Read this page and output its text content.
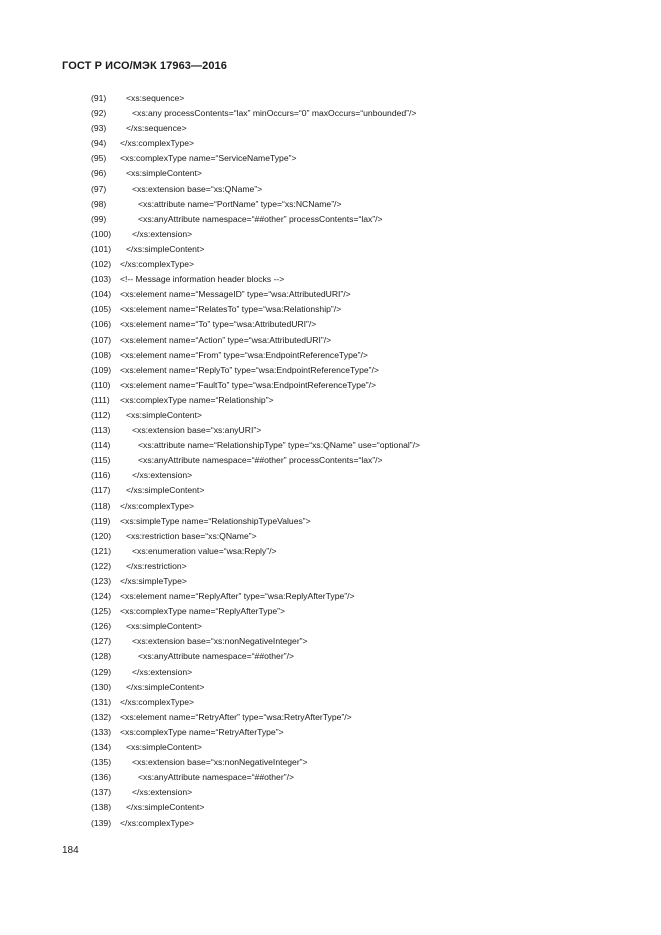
ГОСТ Р ИСО/МЭК 17963—2016
(91) <xs:sequence>
(92)	<xs:any processContents=“lax” minOccurs=“0” maxOccurs=“unbounded”/>
(93) </xs:sequence>
(94) </xs:complexType>
(95) <xs:complexType name=“ServiceNameType”>
(96) <xs:simpleContent>
(97)	<xs:extension base=“xs:QName”>
(98)	<xs:attribute name=“PortName” type=“xs:NCName”/>
(99)	<xs:anyAttribute namespace=“##other” processContents=“lax”/>
(100) </xs:extension>
(101) </xs:simpleContent>
(102) </xs:complexType>
(103) <!-- Message information header blocks -->
(104) <xs:element name=“MessageID” type=“wsa:AttributedURI”/>
(105) <xs:element name=“RelatesTo” type=“wsa:Relationship”/>
(106) <xs:element name=“To” type=“wsa:AttributedURI”/>
(107) <xs:element name=“Action” type=“wsa:AttributedURI”/>
(108) <xs:element name=“From” type=“wsa:EndpointReferenceType”/>
(109) <xs:element name=“ReplyTo” type=“wsa:EndpointReferenceType”/>
(110) <xs:element name=“FaultTo” type=“wsa:EndpointReferenceType”/>
(111) <xs:complexType name=“Relationship”>
(112) <xs:simpleContent>
(113)	<xs:extension base=“xs:anyURI”>
(114)	<xs:attribute name=“RelationshipType” type=“xs:QName” use=“optional”/>
(115)	<xs:anyAttribute namespace=“##other” processContents=“lax”/>
(116)	</xs:extension>
(117) </xs:simpleContent>
(118) </xs:complexType>
(119) <xs:simpleType name=“RelationshipTypeValues”>
(120) <xs:restriction base=“xs:QName”>
(121) <xs:enumeration value=“wsa:Reply”/>
(122) </xs:restriction>
(123) </xs:simpleType>
(124) <xs:element name=“ReplyAfter” type=“wsa:ReplyAfterType”/>
(125) <xs:complexType name=“ReplyAfterType”>
(126) <xs:simpleContent>
(127) <xs:extension base=“xs:nonNegativeInteger”>
(128)	<xs:anyAttribute namespace=“##other”/>
(129) </xs:extension>
(130) </xs:simpleContent>
(131) </xs:complexType>
(132) <xs:element name=“RetryAfter” type=“wsa:RetryAfterType”/>
(133) <xs:complexType name=“RetryAfterType”>
(134) <xs:simpleContent>
(135) <xs:extension base=“xs:nonNegativeInteger”>
(136)	<xs:anyAttribute namespace=“##other”/>
(137) </xs:extension>
(138) </xs:simpleContent>
(139) </xs:complexType>
184
